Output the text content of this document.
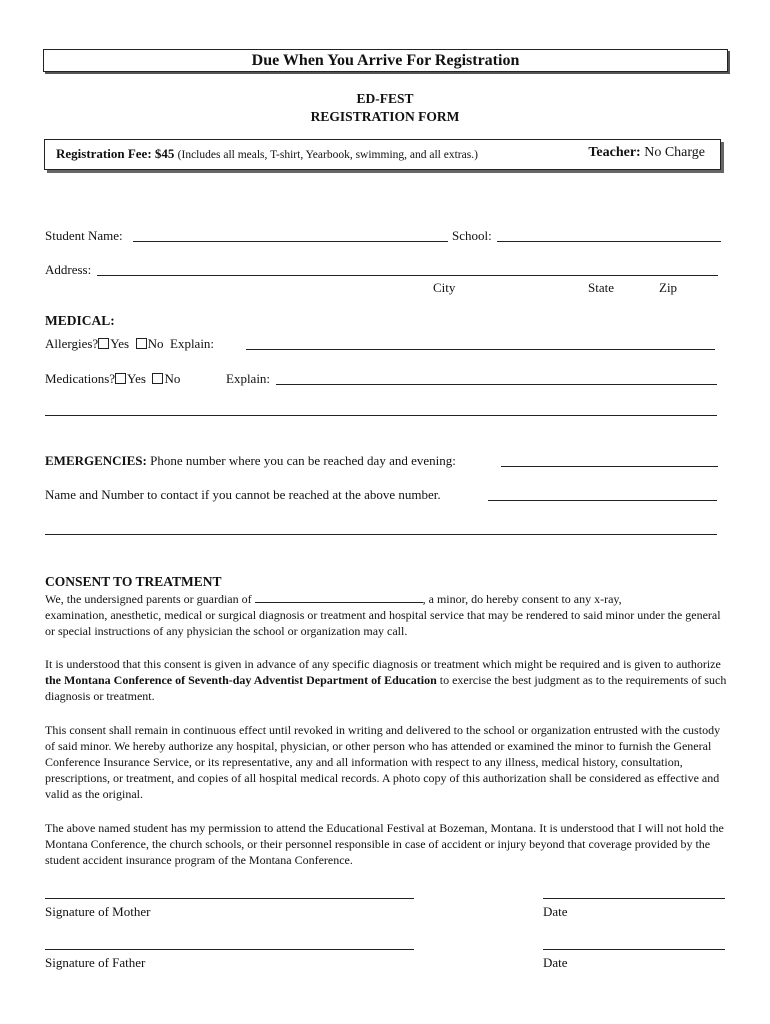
Due When You Arrive For Registration
ED-FEST
REGISTRATION FORM
Registration Fee: $45 (Includes all meals, T-shirt, Yearbook, swimming, and all extras.)	Teacher: No Charge
Student Name:	School:
Address:
City	State	Zip
MEDICAL:
Allergies? Yes No Explain:
Medications? Yes No	Explain:
EMERGENCIES: Phone number where you can be reached day and evening:
Name and Number to contact if you cannot be reached at the above number.
CONSENT TO TREATMENT

We, the undersigned parents or guardian of	, a minor, do hereby consent to any x-ray,
examination, anesthetic, medical or surgical diagnosis or treatment and hospital service that may be rendered to said minor under the general or special instructions of any physician the school or organization may call.

It is understood that this consent is given in advance of any specific diagnosis or treatment which might be required and is given to authorize the Montana Conference of Seventh-day Adventist Department of Education to exercise the best judgment as to the requirements of such diagnosis or treatment.

This consent shall remain in continuous effect until revoked in writing and delivered to the school or organization entrusted with the custody of said minor. We hereby authorize any hospital, physician, or other person who has attended or examined the minor to furnish the General Conference Insurance Service, or its representative, any and all information with respect to any illness, medical history, consultation, prescriptions, or treatment, and copies of all hospital medical records. A photo copy of this authorization shall be considered as effective and valid as the original.

The above named student has my permission to attend the Educational Festival at Bozeman, Montana. It is understood that I will not hold the Montana Conference, the church schools, or their personnel responsible in case of accident or injury beyond that coverage provided by the student accident insurance program of the Montana Conference.

Signature of Mother	Date
Signature of Father	Date
